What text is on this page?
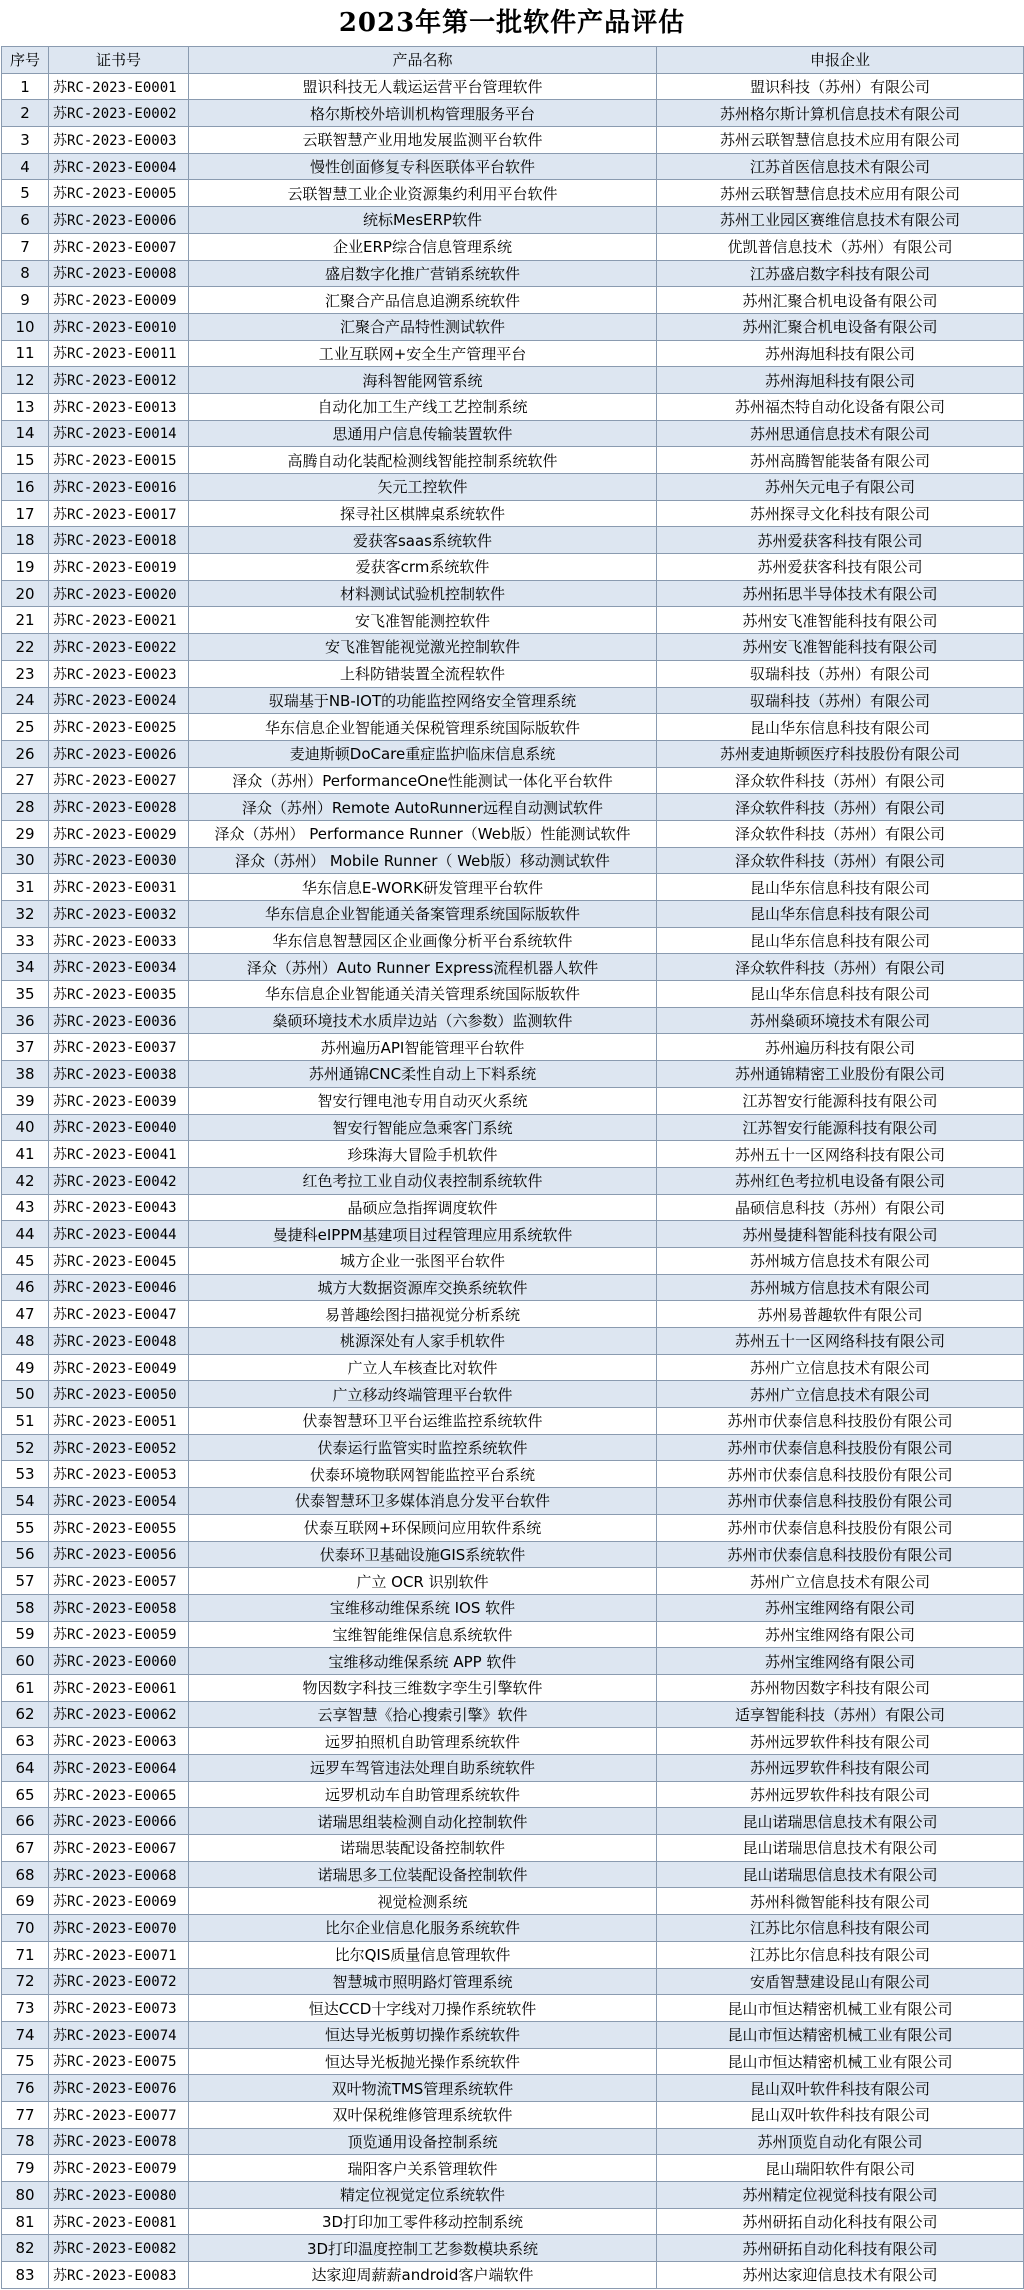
2023年第一批软件产品评估
序号	证书号	产品名称	申报企业
1	苏RC-2023-E0001	盟识科技无人载运运营平台管理软件	盟识科技（苏州）有限公司
2	苏RC-2023-E0002	格尔斯校外培训机构管理服务平台	苏州格尔斯计算机信息技术有限公司
3	苏RC-2023-E0003	云联智慧产业用地发展监测平台软件	苏州云联智慧信息技术应用有限公司
4	苏RC-2023-E0004	慢性创面修复专科医联体平台软件	江苏首医信息技术有限公司
5	苏RC-2023-E0005	云联智慧工业企业资源集约利用平台软件	苏州云联智慧信息技术应用有限公司
6	苏RC-2023-E0006	统标MesERP软件	苏州工业园区赛维信息技术有限公司
7	苏RC-2023-E0007	企业ERP综合信息管理系统	优凯普信息技术（苏州）有限公司
8	苏RC-2023-E0008	盛启数字化推广营销系统软件	江苏盛启数字科技有限公司
9	苏RC-2023-E0009	汇聚合产品信息追溯系统软件	苏州汇聚合机电设备有限公司
10	苏RC-2023-E0010	汇聚合产品特性测试软件	苏州汇聚合机电设备有限公司
11	苏RC-2023-E0011	工业互联网+安全生产管理平台	苏州海旭科技有限公司
12	苏RC-2023-E0012	海科智能网管系统	苏州海旭科技有限公司
13	苏RC-2023-E0013	自动化加工生产线工艺控制系统	苏州福杰特自动化设备有限公司
14	苏RC-2023-E0014	思通用户信息传输装置软件	苏州思通信息技术有限公司
15	苏RC-2023-E0015	高腾自动化装配检测线智能控制系统软件	苏州高腾智能装备有限公司
16	苏RC-2023-E0016	矢元工控软件	苏州矢元电子有限公司
17	苏RC-2023-E0017	探寻社区棋牌桌系统软件	苏州探寻文化科技有限公司
18	苏RC-2023-E0018	爱获客saas系统软件	苏州爱获客科技有限公司
19	苏RC-2023-E0019	爱获客crm系统软件	苏州爱获客科技有限公司
20	苏RC-2023-E0020	材料测试试验机控制软件	苏州拓思半导体技术有限公司
21	苏RC-2023-E0021	安飞准智能测控软件	苏州安飞准智能科技有限公司
22	苏RC-2023-E0022	安飞准智能视觉激光控制软件	苏州安飞准智能科技有限公司
23	苏RC-2023-E0023	上科防错装置全流程软件	驭瑞科技（苏州）有限公司
24	苏RC-2023-E0024	驭瑞基于NB-IOT的功能监控网络安全管理系统	驭瑞科技（苏州）有限公司
25	苏RC-2023-E0025	华东信息企业智能通关保税管理系统国际版软件	昆山华东信息科技有限公司
26	苏RC-2023-E0026	麦迪斯顿DoCare重症监护临床信息系统	苏州麦迪斯顿医疗科技股份有限公司
27	苏RC-2023-E0027	泽众（苏州）PerformanceOne性能测试一体化平台软件	泽众软件科技（苏州）有限公司
28	苏RC-2023-E0028	泽众（苏州）Remote AutoRunner远程自动测试软件	泽众软件科技（苏州）有限公司
29	苏RC-2023-E0029	泽众（苏州） Performance Runner（Web版）性能测试软件	泽众软件科技（苏州）有限公司
30	苏RC-2023-E0030	泽众（苏州） Mobile Runner（ Web版）移动测试软件	泽众软件科技（苏州）有限公司
31	苏RC-2023-E0031	华东信息E-WORK研发管理平台软件	昆山华东信息科技有限公司
32	苏RC-2023-E0032	华东信息企业智能通关备案管理系统国际版软件	昆山华东信息科技有限公司
33	苏RC-2023-E0033	华东信息智慧园区企业画像分析平台系统软件	昆山华东信息科技有限公司
34	苏RC-2023-E0034	泽众（苏州）Auto Runner Express流程机器人软件	泽众软件科技（苏州）有限公司
35	苏RC-2023-E0035	华东信息企业智能通关清关管理系统国际版软件	昆山华东信息科技有限公司
36	苏RC-2023-E0036	燊硕环境技术水质岸边站（六参数）监测软件	苏州燊硕环境技术有限公司
37	苏RC-2023-E0037	苏州遍历API智能管理平台软件	苏州遍历科技有限公司
38	苏RC-2023-E0038	苏州通锦CNC柔性自动上下料系统	苏州通锦精密工业股份有限公司
39	苏RC-2023-E0039	智安行锂电池专用自动灭火系统	江苏智安行能源科技有限公司
40	苏RC-2023-E0040	智安行智能应急乘客门系统	江苏智安行能源科技有限公司
41	苏RC-2023-E0041	珍珠海大冒险手机软件	苏州五十一区网络科技有限公司
42	苏RC-2023-E0042	红色考拉工业自动仪表控制系统软件	苏州红色考拉机电设备有限公司
43	苏RC-2023-E0043	晶硕应急指挥调度软件	晶硕信息科技（苏州）有限公司
44	苏RC-2023-E0044	曼捷科eIPPM基建项目过程管理应用系统软件	苏州曼捷科智能科技有限公司
45	苏RC-2023-E0045	城方企业一张图平台软件	苏州城方信息技术有限公司
46	苏RC-2023-E0046	城方大数据资源库交换系统软件	苏州城方信息技术有限公司
47	苏RC-2023-E0047	易普趣绘图扫描视觉分析系统	苏州易普趣软件有限公司
48	苏RC-2023-E0048	桃源深处有人家手机软件	苏州五十一区网络科技有限公司
49	苏RC-2023-E0049	广立人车核查比对软件	苏州广立信息技术有限公司
50	苏RC-2023-E0050	广立移动终端管理平台软件	苏州广立信息技术有限公司
51	苏RC-2023-E0051	伏泰智慧环卫平台运维监控系统软件	苏州市伏泰信息科技股份有限公司
52	苏RC-2023-E0052	伏泰运行监管实时监控系统软件	苏州市伏泰信息科技股份有限公司
53	苏RC-2023-E0053	伏泰环境物联网智能监控平台系统	苏州市伏泰信息科技股份有限公司
54	苏RC-2023-E0054	伏泰智慧环卫多媒体消息分发平台软件	苏州市伏泰信息科技股份有限公司
55	苏RC-2023-E0055	伏泰互联网+环保顾问应用软件系统	苏州市伏泰信息科技股份有限公司
56	苏RC-2023-E0056	伏泰环卫基础设施GIS系统软件	苏州市伏泰信息科技股份有限公司
57	苏RC-2023-E0057	广立 OCR 识别软件	苏州广立信息技术有限公司
58	苏RC-2023-E0058	宝维移动维保系统 IOS 软件	苏州宝维网络有限公司
59	苏RC-2023-E0059	宝维智能维保信息系统软件	苏州宝维网络有限公司
60	苏RC-2023-E0060	宝维移动维保系统 APP 软件	苏州宝维网络有限公司
61	苏RC-2023-E0061	物因数字科技三维数字孪生引擎软件	苏州物因数字科技有限公司
62	苏RC-2023-E0062	云享智慧《拾心搜索引擎》软件	适享智能科技（苏州）有限公司
63	苏RC-2023-E0063	远罗拍照机自助管理系统软件	苏州远罗软件科技有限公司
64	苏RC-2023-E0064	远罗车驾管违法处理自助系统软件	苏州远罗软件科技有限公司
65	苏RC-2023-E0065	远罗机动车自助管理系统软件	苏州远罗软件科技有限公司
66	苏RC-2023-E0066	诺瑞思组装检测自动化控制软件	昆山诺瑞思信息技术有限公司
67	苏RC-2023-E0067	诺瑞思装配设备控制软件	昆山诺瑞思信息技术有限公司
68	苏RC-2023-E0068	诺瑞思多工位装配设备控制软件	昆山诺瑞思信息技术有限公司
69	苏RC-2023-E0069	视觉检测系统	苏州科微智能科技有限公司
70	苏RC-2023-E0070	比尔企业信息化服务系统软件	江苏比尔信息科技有限公司
71	苏RC-2023-E0071	比尔QIS质量信息管理软件	江苏比尔信息科技有限公司
72	苏RC-2023-E0072	智慧城市照明路灯管理系统	安盾智慧建设昆山有限公司
73	苏RC-2023-E0073	恒达CCD十字线对刀操作系统软件	昆山市恒达精密机械工业有限公司
74	苏RC-2023-E0074	恒达导光板剪切操作系统软件	昆山市恒达精密机械工业有限公司
75	苏RC-2023-E0075	恒达导光板抛光操作系统软件	昆山市恒达精密机械工业有限公司
76	苏RC-2023-E0076	双叶物流TMS管理系统软件	昆山双叶软件科技有限公司
77	苏RC-2023-E0077	双叶保税维修管理系统软件	昆山双叶软件科技有限公司
78	苏RC-2023-E0078	顶览通用设备控制系统	苏州顶览自动化有限公司
79	苏RC-2023-E0079	瑞阳客户关系管理软件	昆山瑞阳软件有限公司
80	苏RC-2023-E0080	精定位视觉定位系统软件	苏州精定位视觉科技有限公司
81	苏RC-2023-E0081	3D打印加工零件移动控制系统	苏州研拓自动化科技有限公司
82	苏RC-2023-E0082	3D打印温度控制工艺参数模块系统	苏州研拓自动化科技有限公司
83	苏RC-2023-E0083	达家迎周薪薪android客户端软件	苏州达家迎信息技术有限公司
